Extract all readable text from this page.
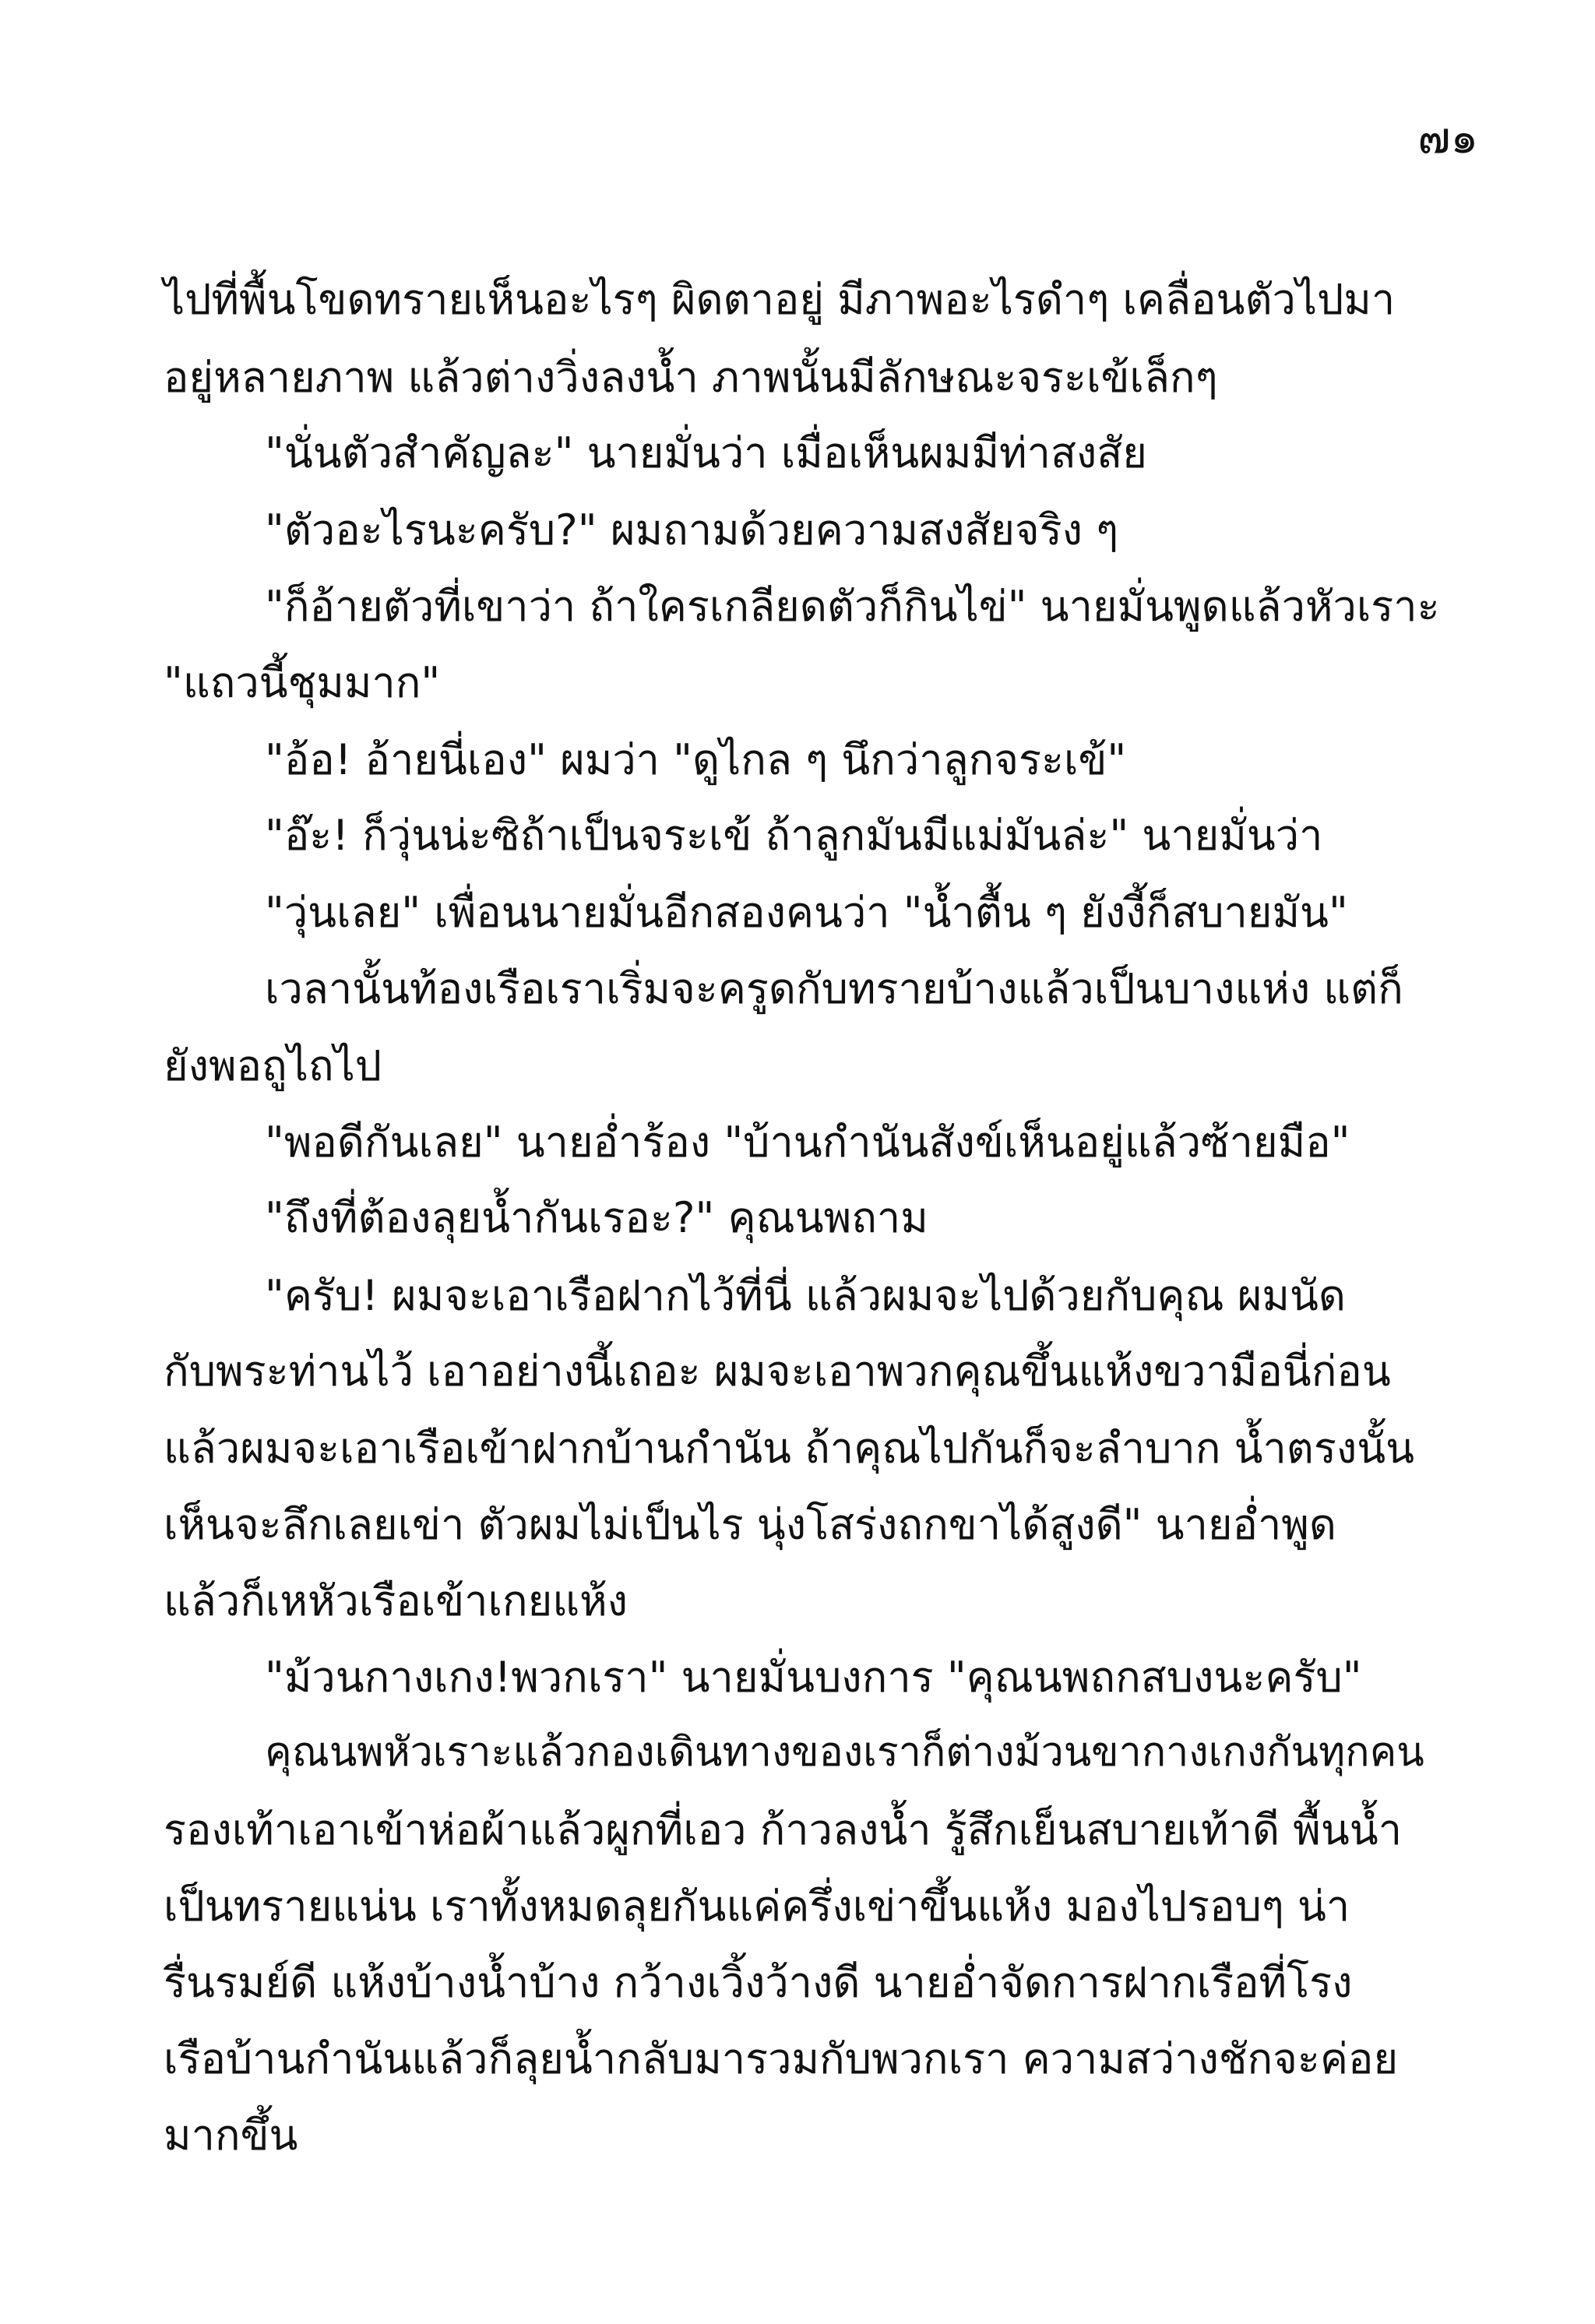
๗๑
ไปที่พื้นโขดทรายเห็นอะไรๆ ผิดตาอยู่ มีภาพอะไรดำๆ เคลื่อนตัวไปมา
อยู่หลายภาพ แล้วต่างวิ่งลงน้ำ ภาพนั้นมีลักษณะจระเข้เล็กๆ
"นั่นตัวสำคัญละ" นายมั่นว่า เมื่อเห็นผมมีท่าสงสัย
"ตัวอะไรนะครับ?" ผมถามด้วยความสงสัยจริง ๆ
"ก็อ้ายตัวที่เขาว่า ถ้าใครเกลียดตัวก็กินไข่" นายมั่นพูดแล้วหัวเราะ
"แถวนี้ชุมมาก"
"อ้อ! อ้ายนี่เอง" ผมว่า "ดูไกล ๆ นึกว่าลูกจระเข้"
"อ๊ะ! ก็วุ่นน่ะซิถ้าเป็นจระเข้ ถ้าลูกมันมีแม่มันล่ะ" นายมั่นว่า
"วุ่นเลย" เพื่อนนายมั่นอีกสองคนว่า "น้ำตื้น ๆ ยังงี้ก็สบายมัน"
เวลานั้นท้องเรือเราเริ่มจะครูดกับทรายบ้างแล้วเป็นบางแห่ง แต่ก็
ยังพอถูไถไป
"พอดีกันเลย" นายอ่ำร้อง "บ้านกำนันสังข์เห็นอยู่แล้วซ้ายมือ"
"ถึงที่ต้องลุยน้ำกันเรอะ?" คุณนพถาม
"ครับ! ผมจะเอาเรือฝากไว้ที่นี่ แล้วผมจะไปด้วยกับคุณ ผมนัด
กับพระท่านไว้ เอาอย่างนี้เถอะ ผมจะเอาพวกคุณขึ้นแห้งขวามือนี่ก่อน
แล้วผมจะเอาเรือเข้าฝากบ้านกำนัน ถ้าคุณไปกันก็จะลำบาก น้ำตรงนั้น
เห็นจะลึกเลยเข่า ตัวผมไม่เป็นไร นุ่งโสร่งถกขาได้สูงดี" นายอ่ำพูด
แล้วก็เหหัวเรือเข้าเกยแห้ง
"ม้วนกางเกง!พวกเรา" นายมั่นบงการ "คุณนพถกสบงนะครับ"
คุณนพหัวเราะแล้วกองเดินทางของเราก็ต่างม้วนขากางเกงกันทุกคน
รองเท้าเอาเข้าห่อผ้าแล้วผูกที่เอว ก้าวลงน้ำ รู้สึกเย็นสบายเท้าดี พื้นน้ำ
เป็นทรายแน่น เราทั้งหมดลุยกันแค่ครึ่งเข่าขึ้นแห้ง มองไปรอบๆ น่า
รื่นรมย์ดี แห้งบ้างน้ำบ้าง กว้างเวิ้งว้างดี นายอ่ำจัดการฝากเรือที่โรง
เรือบ้านกำนันแล้วก็ลุยน้ำกลับมารวมกับพวกเรา ความสว่างชักจะค่อย
มากขึ้น
